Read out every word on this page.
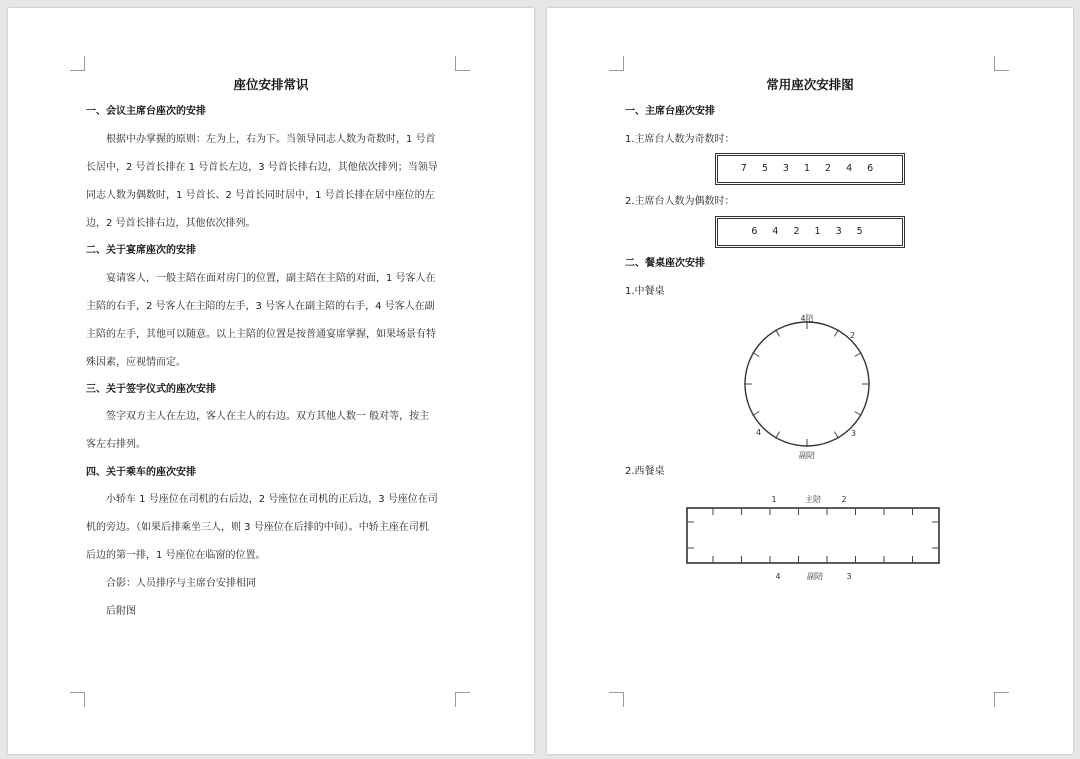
座位安排常识
一、会议主席台座次的安排
根据中办掌握的原则：左为上，右为下。当领导同志人数为奇数时，1 号首
长居中，2 号首长排在 1 号首长左边，3 号首长排右边，其他依次排列；当领导
同志人数为偶数时，1 号首长、2 号首长同时居中，1 号首长排在居中座位的左
边，2 号首长排右边，其他依次排列。
二、关于宴席座次的安排
宴请客人，一般主陪在面对房门的位置，副主陪在主陪的对面，1 号客人在
主陪的右手，2 号客人在主陪的左手，3 号客人在副主陪的右手，4 号客人在副
主陪的左手，其他可以随意。以上主陪的位置是按普通宴席掌握，如果场景有特
殊因素，应视情而定。
三、关于签字仪式的座次安排
签字双方主人在左边，客人在主人的右边。双方其他人数一 般对等，按主
客左右排列。
四、关于乘车的座次安排
小轿车 1 号座位在司机的右后边，2 号座位在司机的正后边，3 号座位在司
机的旁边。（如果后排乘坐三人，则 3 号座位在后排的中间）。中轿主座在司机
后边的第一排，1 号座位在临窗的位置。
合影：人员排序与主席台安排相同
后附图
常用座次安排图
一、主席台座次安排
1.主席台人数为奇数时：
7 5 3 1 2 4 6
2.主席台人数为偶数时：
6 4 2 1 3 5
二、餐桌座次安排
1.中餐桌
4陪
2
4	3
副陪
2.西餐桌
1	主陪	2
4	副陪	3
